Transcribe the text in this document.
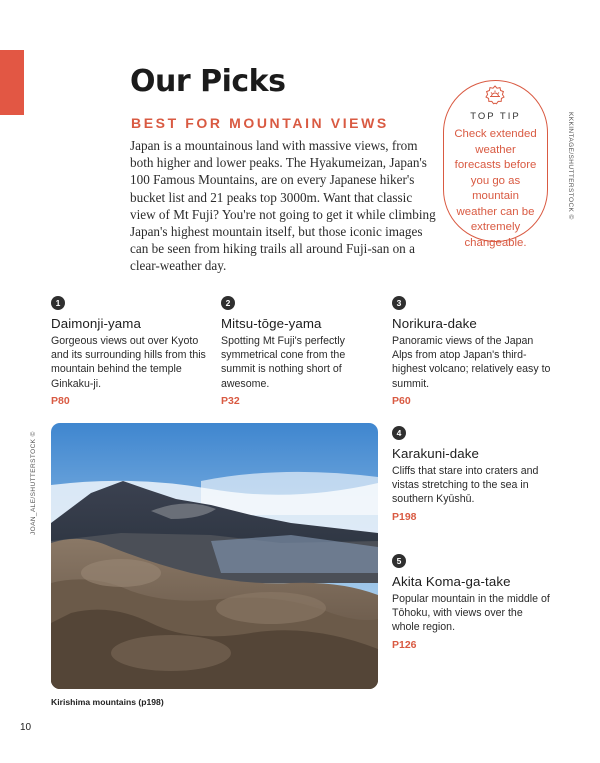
Our Picks
BEST FOR MOUNTAIN VIEWS
Japan is a mountainous land with massive views, from both higher and lower peaks. The Hyakumeizan, Japan's 100 Famous Mountains, are on every Japanese hiker's bucket list and 21 peaks top 3000m. Want that classic view of Mt Fuji? You're not going to get it while climbing Japan's highest mountain itself, but those iconic images can be seen from hiking trails all around Fuji-san on a clear-weather day.
TOP TIP
Check extended weather forecasts before you go as mountain weather can be extremely changeable.
KKKINTAGE/SHUTTERSTOCK ©
JOAN_ALE/SHUTTERSTOCK ©
1
Daimonji-yama
Gorgeous views out over Kyoto and its surrounding hills from this mountain behind the temple Ginkaku-ji.
P80
2
Mitsu-tōge-yama
Spotting Mt Fuji's perfectly symmetrical cone from the summit is nothing short of awesome.
P32
3
Norikura-dake
Panoramic views of the Japan Alps from atop Japan's third-highest volcano; relatively easy to summit.
P60
4
Karakuni-dake
Cliffs that stare into craters and vistas stretching to the sea in southern Kyūshū.
P198
5
Akita Koma-ga-take
Popular mountain in the middle of Tōhoku, with views over the whole region.
P126
Kirishima mountains (p198)
10
